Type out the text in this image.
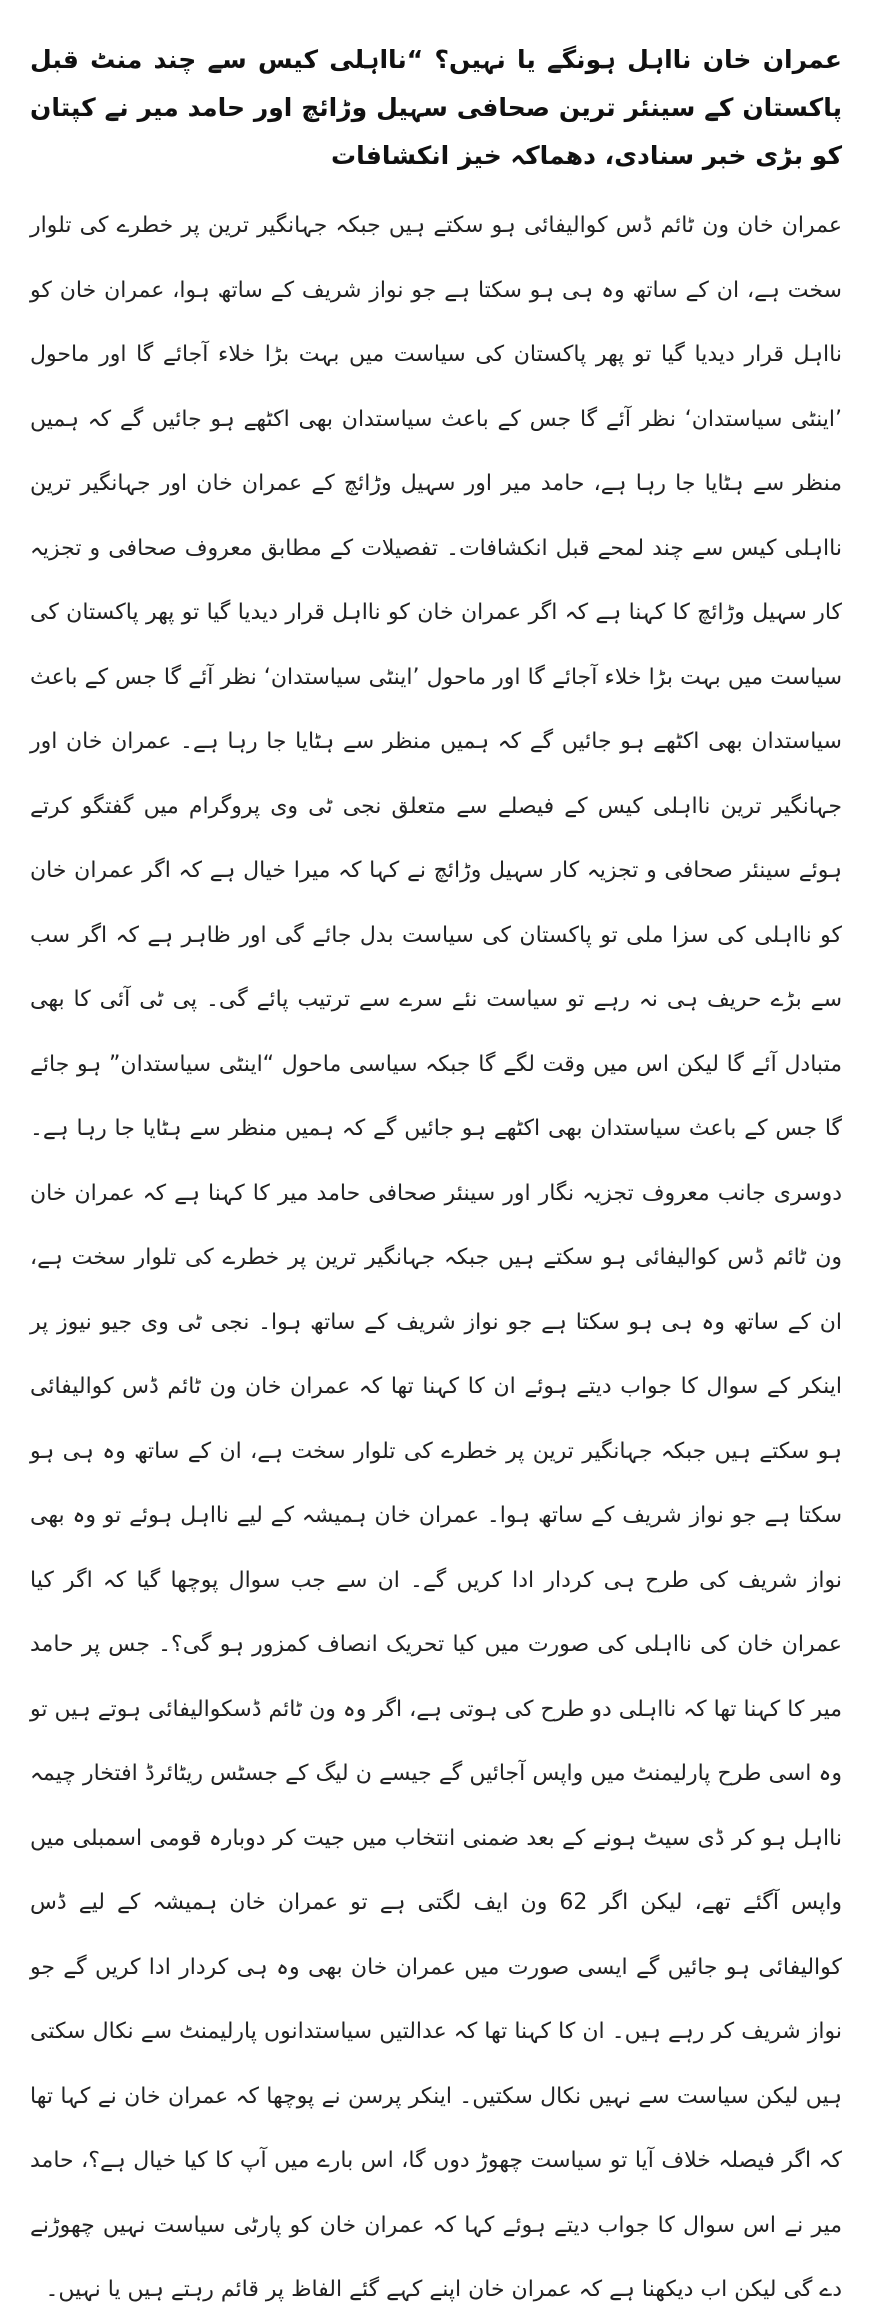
عمران خان نااہل ہونگے یا نہیں؟ “نااہلی کیس سے چند منٹ قبل پاکستان کے سینئر ترین صحافی سہیل وڑائچ اور حامد میر نے کپتان کو بڑی خبر سنادی، دھماکہ خیز انکشافات

عمران خان ون ٹائم ڈس کوالیفائی ہو سکتے ہیں جبکہ جہانگیر ترین پر خطرے کی تلوار سخت ہے، ان کے ساتھ وہ ہی ہو سکتا ہے جو نواز شریف کے ساتھ ہوا، عمران خان کو نااہل قرار دیدیا گیا تو پھر پاکستان کی سیاست میں بہت بڑا خلاء آجائے گا اور ماحول ’اینٹی سیاستدان‘ نظر آئے گا جس کے باعث سیاستدان بھی اکٹھے ہو جائیں گے کہ ہمیں منظر سے ہٹایا جا رہا ہے، حامد میر اور سہیل وڑائچ کے عمران خان اور جہانگیر ترین نااہلی کیس سے چند لمحے قبل انکشافات۔ تفصیلات کے مطابق معروف صحافی و تجزیہ کار سہیل وڑائچ کا کہنا ہے کہ اگر عمران خان کو نااہل قرار دیدیا گیا تو پھر پاکستان کی سیاست میں بہت بڑا خلاء آجائے گا اور ماحول ’اینٹی سیاستدان‘ نظر آئے گا جس کے باعث سیاستدان بھی اکٹھے ہو جائیں گے کہ ہمیں منظر سے ہٹایا جا رہا ہے۔ عمران خان اور جہانگیر ترین نااہلی کیس کے فیصلے سے متعلق نجی ٹی وی پروگرام میں گفتگو کرتے ہوئے سینئر صحافی و تجزیہ کار سہیل وڑائچ نے کہا کہ میرا خیال ہے کہ اگر عمران خان کو نااہلی کی سزا ملی تو پاکستان کی سیاست بدل جائے گی اور ظاہر ہے کہ اگر سب سے بڑے حریف ہی نہ رہے تو سیاست نئے سرے سے ترتیب پائے گی۔ پی ٹی آئی کا بھی متبادل آئے گا لیکن اس میں وقت لگے گا جبکہ سیاسی ماحول “اینٹی سیاستدان” ہو جائے گا جس کے باعث سیاستدان بھی اکٹھے ہو جائیں گے کہ ہمیں منظر سے ہٹایا جا رہا ہے۔ دوسری جانب معروف تجزیہ نگار اور سینئر صحافی حامد میر کا کہنا ہے کہ عمران خان ون ٹائم ڈس کوالیفائی ہو سکتے ہیں جبکہ جہانگیر ترین پر خطرے کی تلوار سخت ہے، ان کے ساتھ وہ ہی ہو سکتا ہے جو نواز شریف کے ساتھ ہوا۔ نجی ٹی وی جیو نیوز پر اینکر کے سوال کا جواب دیتے ہوئے ان کا کہنا تھا کہ عمران خان ون ٹائم ڈس کوالیفائی ہو سکتے ہیں جبکہ جہانگیر ترین پر خطرے کی تلوار سخت ہے، ان کے ساتھ وہ ہی ہو سکتا ہے جو نواز شریف کے ساتھ ہوا۔ عمران خان ہمیشہ کے لیے نااہل ہوئے تو وہ بھی نواز شریف کی طرح ہی کردار ادا کریں گے۔ ان سے جب سوال پوچھا گیا کہ اگر کیا عمران خان کی نااہلی کی صورت میں کیا تحریک انصاف کمزور ہو گی؟۔ جس پر حامد میر کا کہنا تھا کہ نااہلی دو طرح کی ہوتی ہے، اگر وہ ون ٹائم ڈسکوالیفائی ہوتے ہیں تو وہ اسی طرح پارلیمنٹ میں واپس آجائیں گے جیسے ن لیگ کے جسٹس ریٹائرڈ افتخار چیمہ نااہل ہو کر ڈی سیٹ ہونے کے بعد ضمنی انتخاب میں جیت کر دوبارہ قومی اسمبلی میں واپس آگئے تھے، لیکن اگر 62 ون ایف لگتی ہے تو عمران خان ہمیشہ کے لیے ڈس کوالیفائی ہو جائیں گے ایسی صورت میں عمران خان بھی وہ ہی کردار ادا کریں گے جو نواز شریف کر رہے ہیں۔ ان کا کہنا تھا کہ عدالتیں سیاستدانوں پارلیمنٹ سے نکال سکتی ہیں لیکن سیاست سے نہیں نکال سکتیں۔ اینکر پرسن نے پوچھا کہ عمران خان نے کہا تھا کہ اگر فیصلہ خلاف آیا تو سیاست چھوڑ دوں گا، اس بارے میں آپ کا کیا خیال ہے؟، حامد میر نے اس سوال کا جواب دیتے ہوئے کہا کہ عمران خان کو پارٹی سیاست نہیں چھوڑنے دے گی لیکن اب دیکھنا ہے کہ عمران خان اپنے کہے گئے الفاظ پر قائم رہتے ہیں یا نہیں۔
